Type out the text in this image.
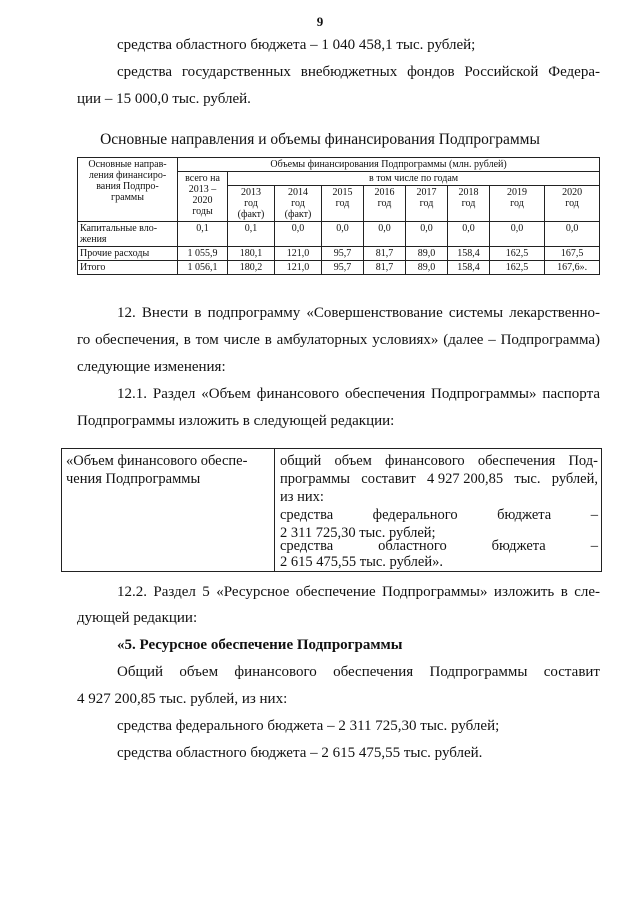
9
средства областного бюджета – 1 040 458,1 тыс. рублей;
средства государственных внебюджетных фондов Российской Федера-
ции – 15 000,0 тыс. рублей.
Основные направления и объемы финансирования Подпрограммы
Основные направ-
ления финансиро-
вания Подпро-
граммы	Объемы финансирования Подпрограммы (млн. рублей)								
	всего на
2013 –
2020
годы	в том числе по годам							
		2013
год
(факт)	2014
год
(факт)	2015
год	2016
год	2017
год	2018
год	2019
год	2020
год
Капитальные вло-
жения	0,1	0,1	0,0	0,0	0,0	0,0	0,0	0,0	0,0
Прочие расходы	1 055,9	180,1	121,0	95,7	81,7	89,0	158,4	162,5	167,5
Итого	1 056,1	180,2	121,0	95,7	81,7	89,0	158,4	162,5	167,6».
12. Внести в подпрограмму «Совершенствование системы лекарственно-
го обеспечения, в том числе в амбулаторных условиях» (далее – Подпрограмма)
следующие изменения:
12.1. Раздел «Объем финансового обеспечения Подпрограммы» паспорта
Подпрограммы изложить в следующей редакции:
«Объем финансового обеспе-
чения Подпрограммы
общий объем финансового обеспечения Под-
программы составит 4 927 200,85 тыс. рублей,
из них:
средства	федерального	бюджета	–
2 311 725,30 тыс. рублей;
средства	областного	бюджета	–
2 615 475,55 тыс. рублей».
12.2. Раздел 5 «Ресурсное обеспечение Подпрограммы» изложить в сле-
дующей редакции:
«5. Ресурсное обеспечение Подпрограммы
Общий объем финансового обеспечения Подпрограммы составит
4 927 200,85 тыс. рублей, из них:
средства федерального бюджета – 2 311 725,30 тыс. рублей;
средства областного бюджета – 2 615 475,55 тыс. рублей.
